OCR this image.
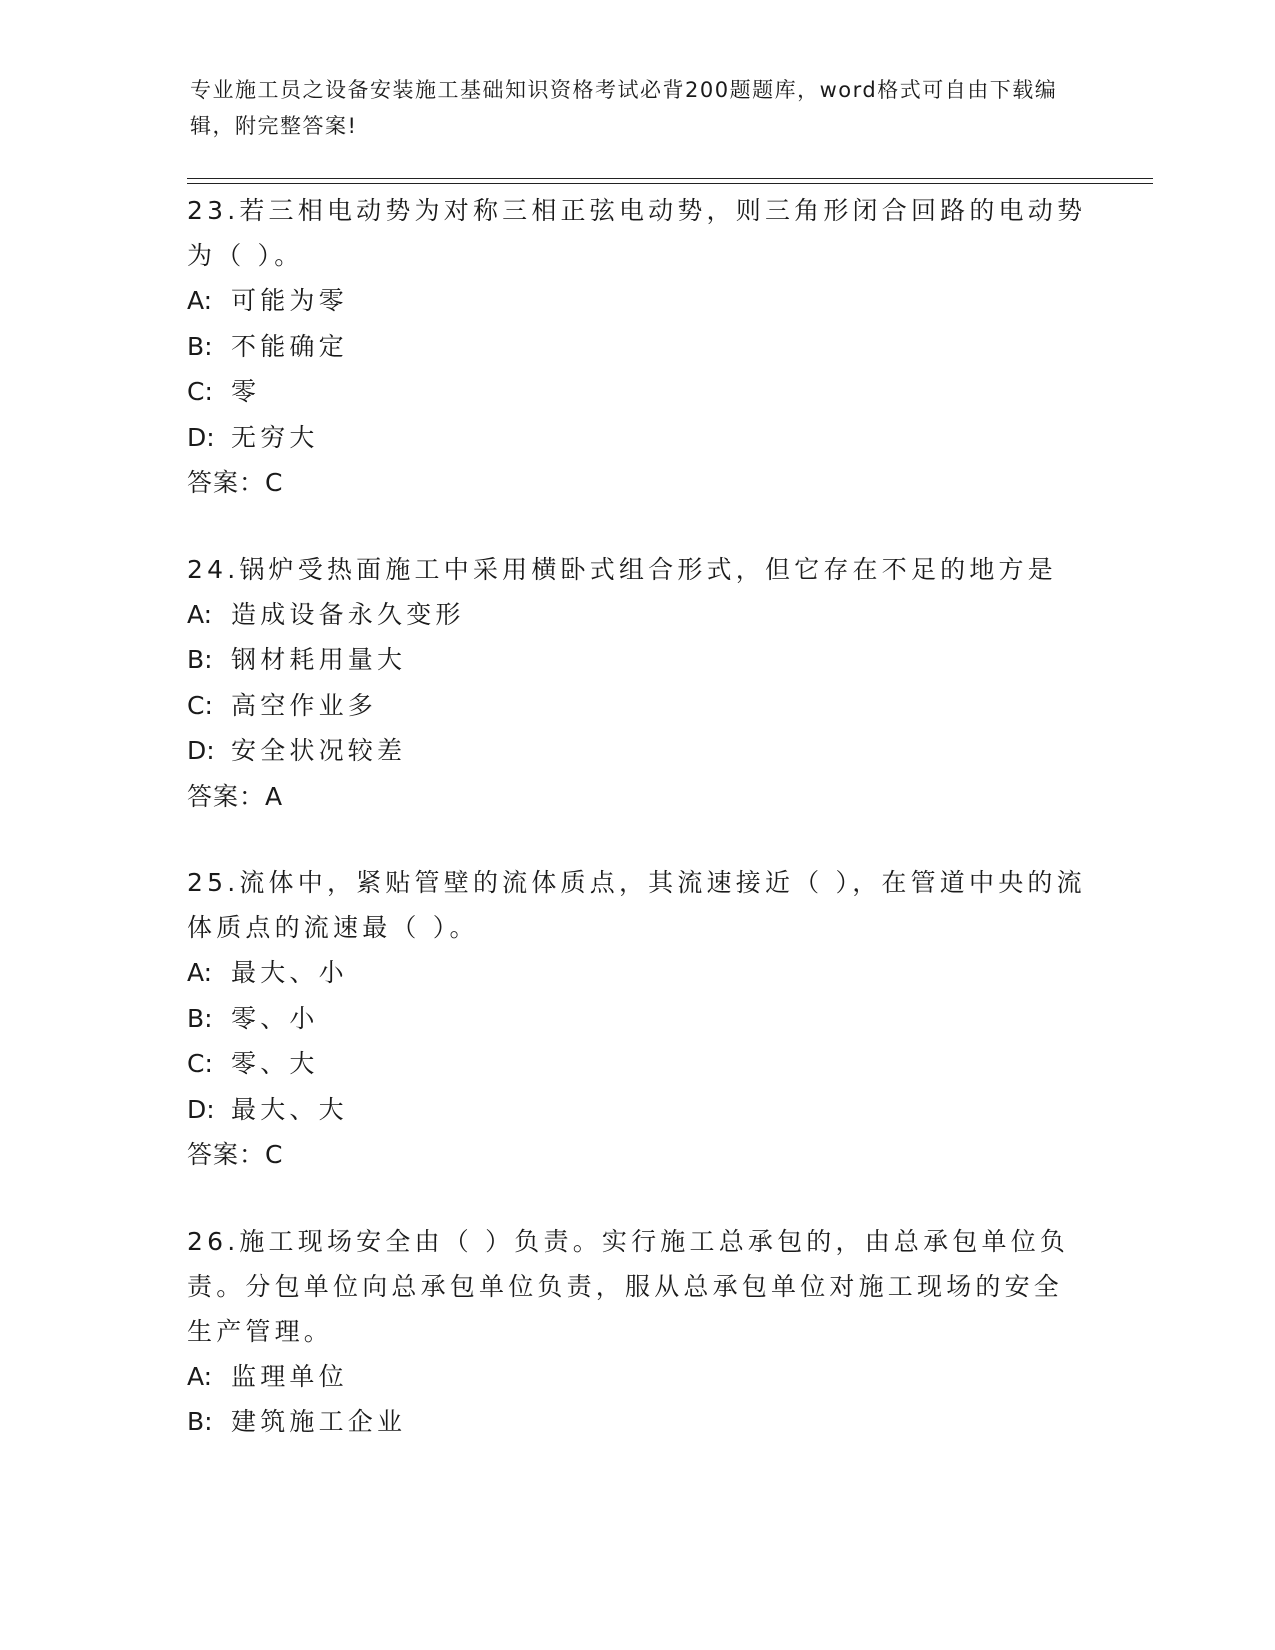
专业施工员之设备安装施工基础知识资格考试必背200题题库，word格式可自由下载编辑，附完整答案!

23.若三相电动势为对称三相正弦电动势，则三角形闭合回路的电动势为（ ）。

A: 可能为零

B: 不能确定

C: 零

D: 无穷大

答案：C

24.锅炉受热面施工中采用横卧式组合形式，但它存在不足的地方是

A: 造成设备永久变形

B: 钢材耗用量大

C: 高空作业多

D: 安全状况较差

答案：A

25.流体中，紧贴管壁的流体质点，其流速接近（ ），在管道中央的流体质点的流速最（ ）。

A: 最大、小

B: 零、小

C: 零、大

D: 最大、大

答案：C

26.施工现场安全由（ ）负责。实行施工总承包的，由总承包单位负责。分包单位向总承包单位负责，服从总承包单位对施工现场的安全生产管理。

A: 监理单位

B: 建筑施工企业
